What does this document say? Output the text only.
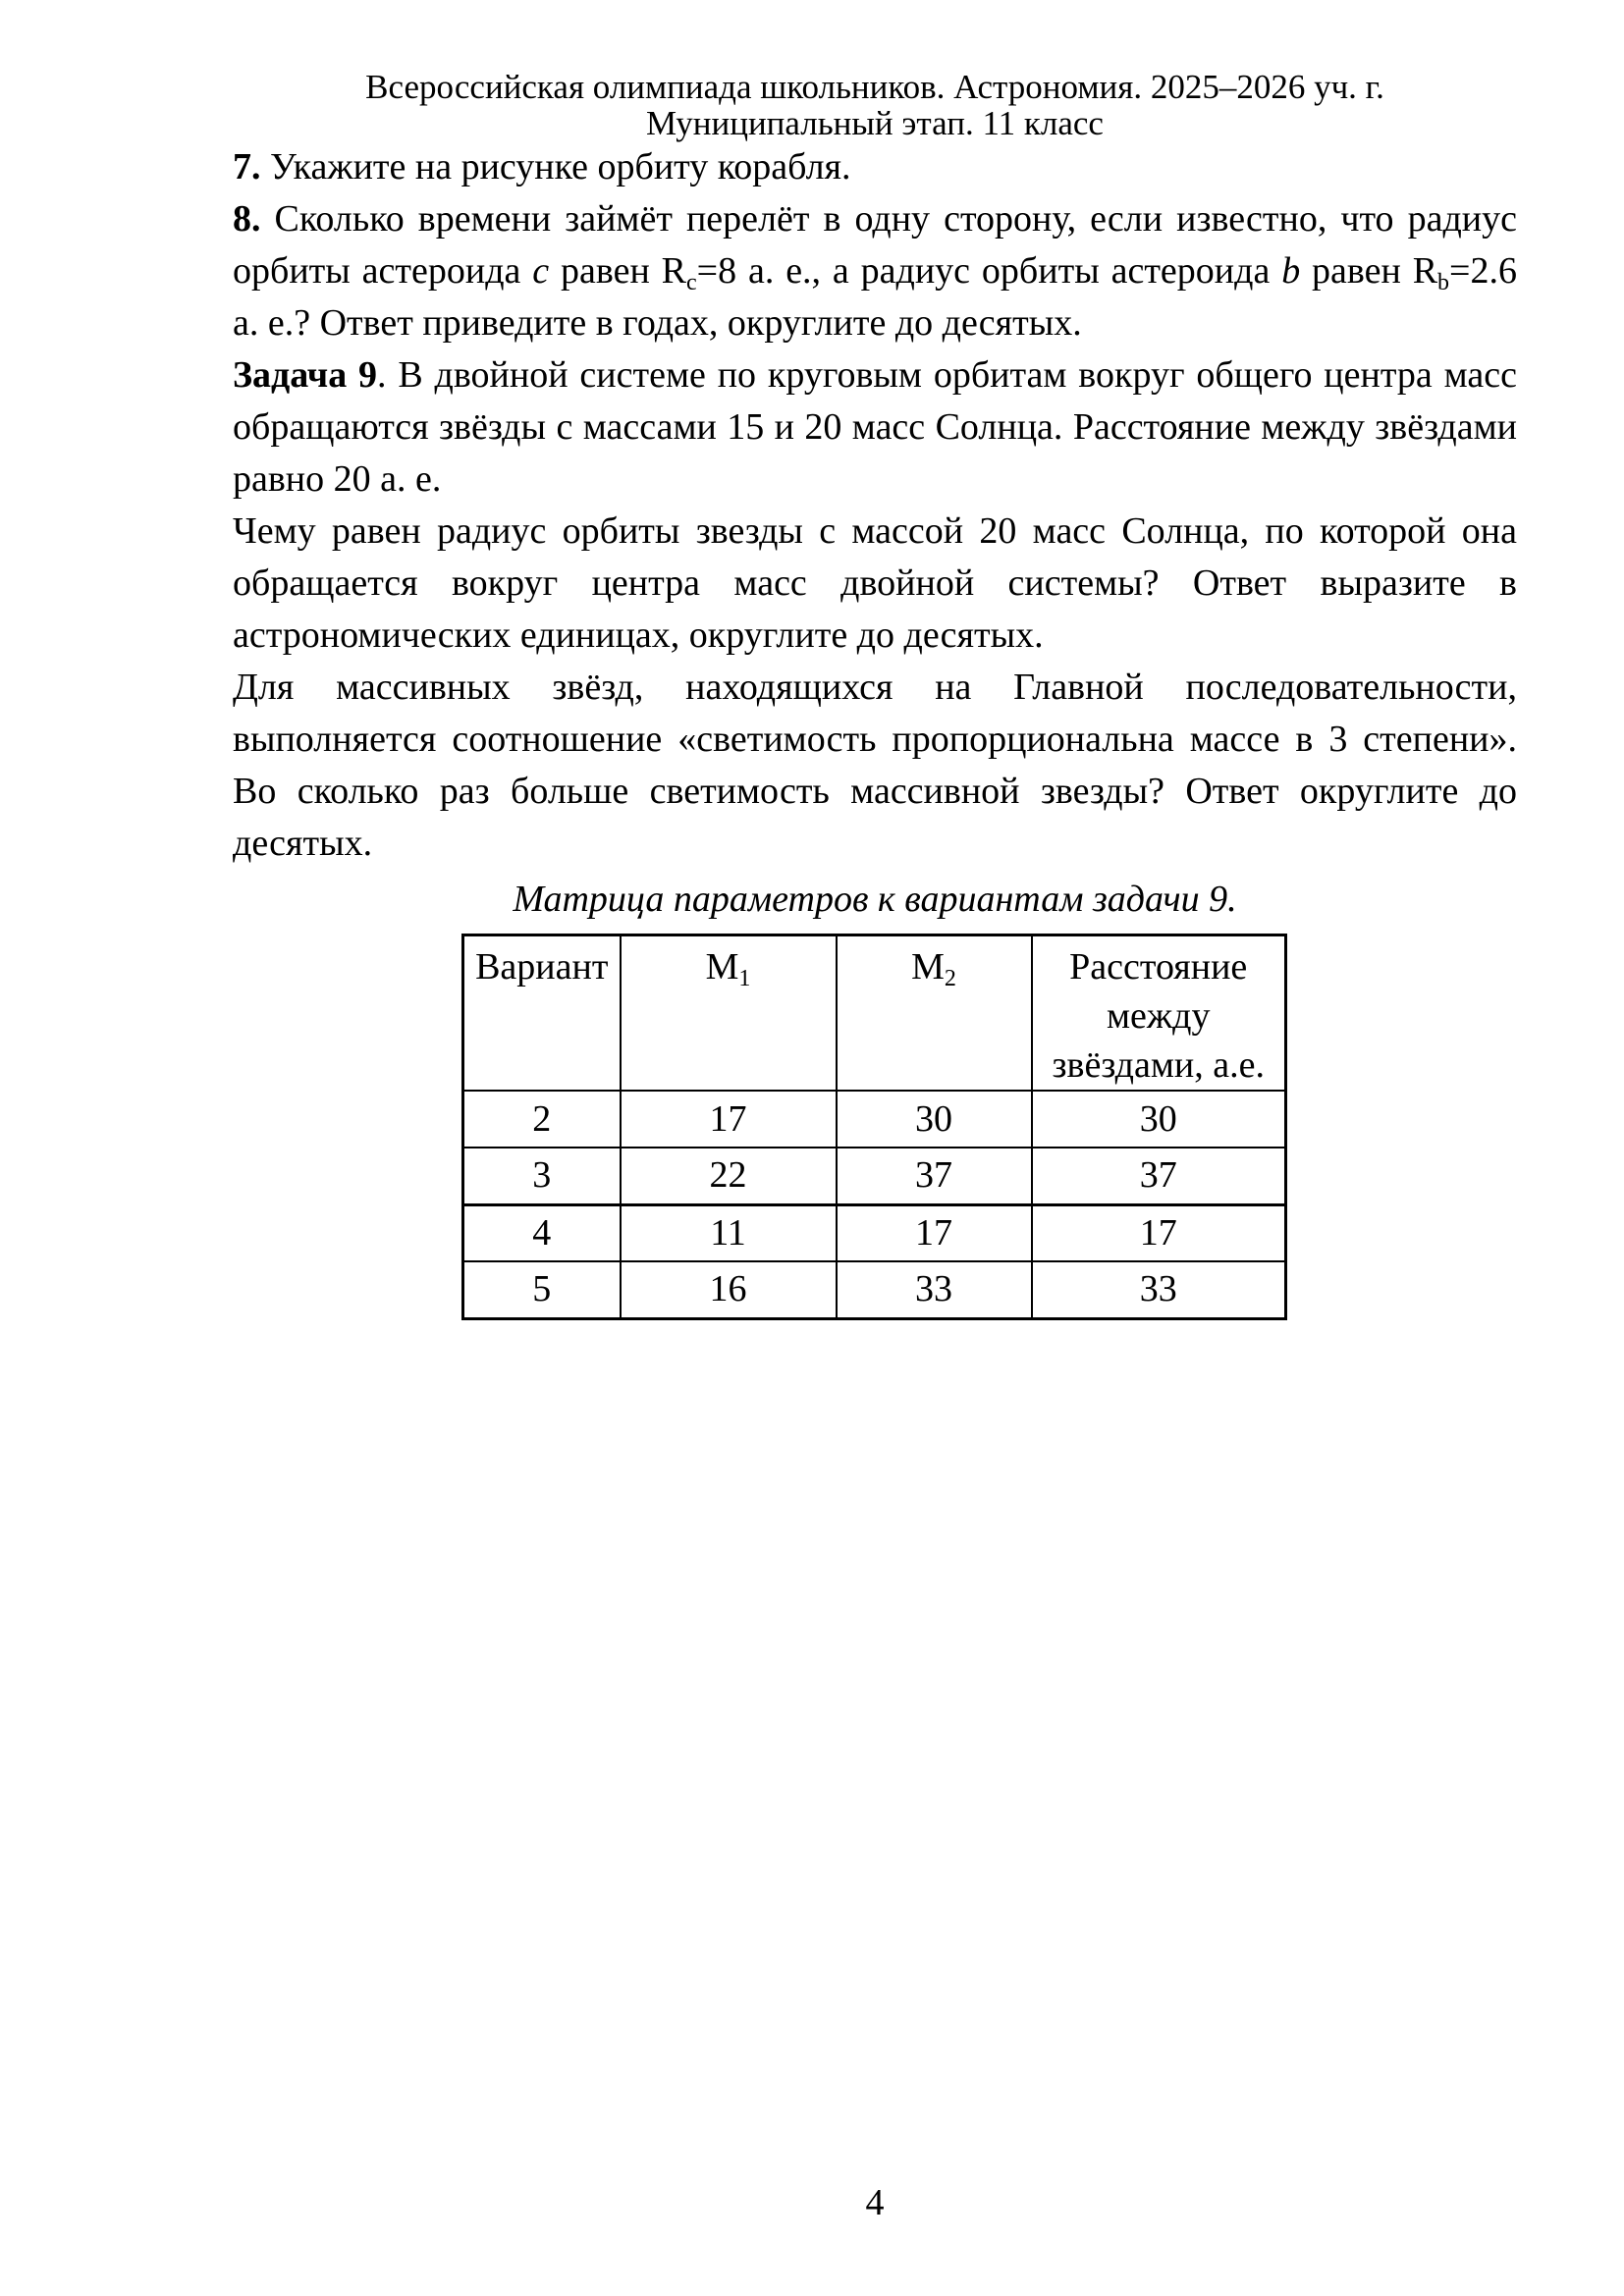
Всероссийская олимпиада школьников. Астрономия. 2025–2026 уч. г.
Муниципальный этап. 11 класс

7. Укажите на рисунке орбиту корабля.

8. Сколько времени займёт перелёт в одну сторону, если известно, что радиус орбиты астероида c равен $R_c=8$ а. е., а радиус орбиты астероида b равен $R_b=2.6$ а. е.? Ответ приведите в годах, округлите до десятых.

Задача 9. В двойной системе по круговым орбитам вокруг общего центра масс обращаются звёзды с массами 15 и 20 масс Солнца. Расстояние между звёздами равно 20 а. е.

Чему равен радиус орбиты звезды с массой 20 масс Солнца, по которой она обращается вокруг центра масс двойной системы? Ответ выразите в астрономических единицах, округлите до десятых.

Для массивных звёзд, находящихся на Главной последовательности, выполняется соотношение «светимость пропорциональна массе в 3 степени». Во сколько раз больше светимость массивной звезды? Ответ округлите до десятых.

Матрица параметров к вариантам задачи 9.
Вариант	$M_1$	$M_2$	Расстояние между звёздами, а.е.
2	17	30	30
3	22	37	37
4	11	17	17
5	16	33	33
4
